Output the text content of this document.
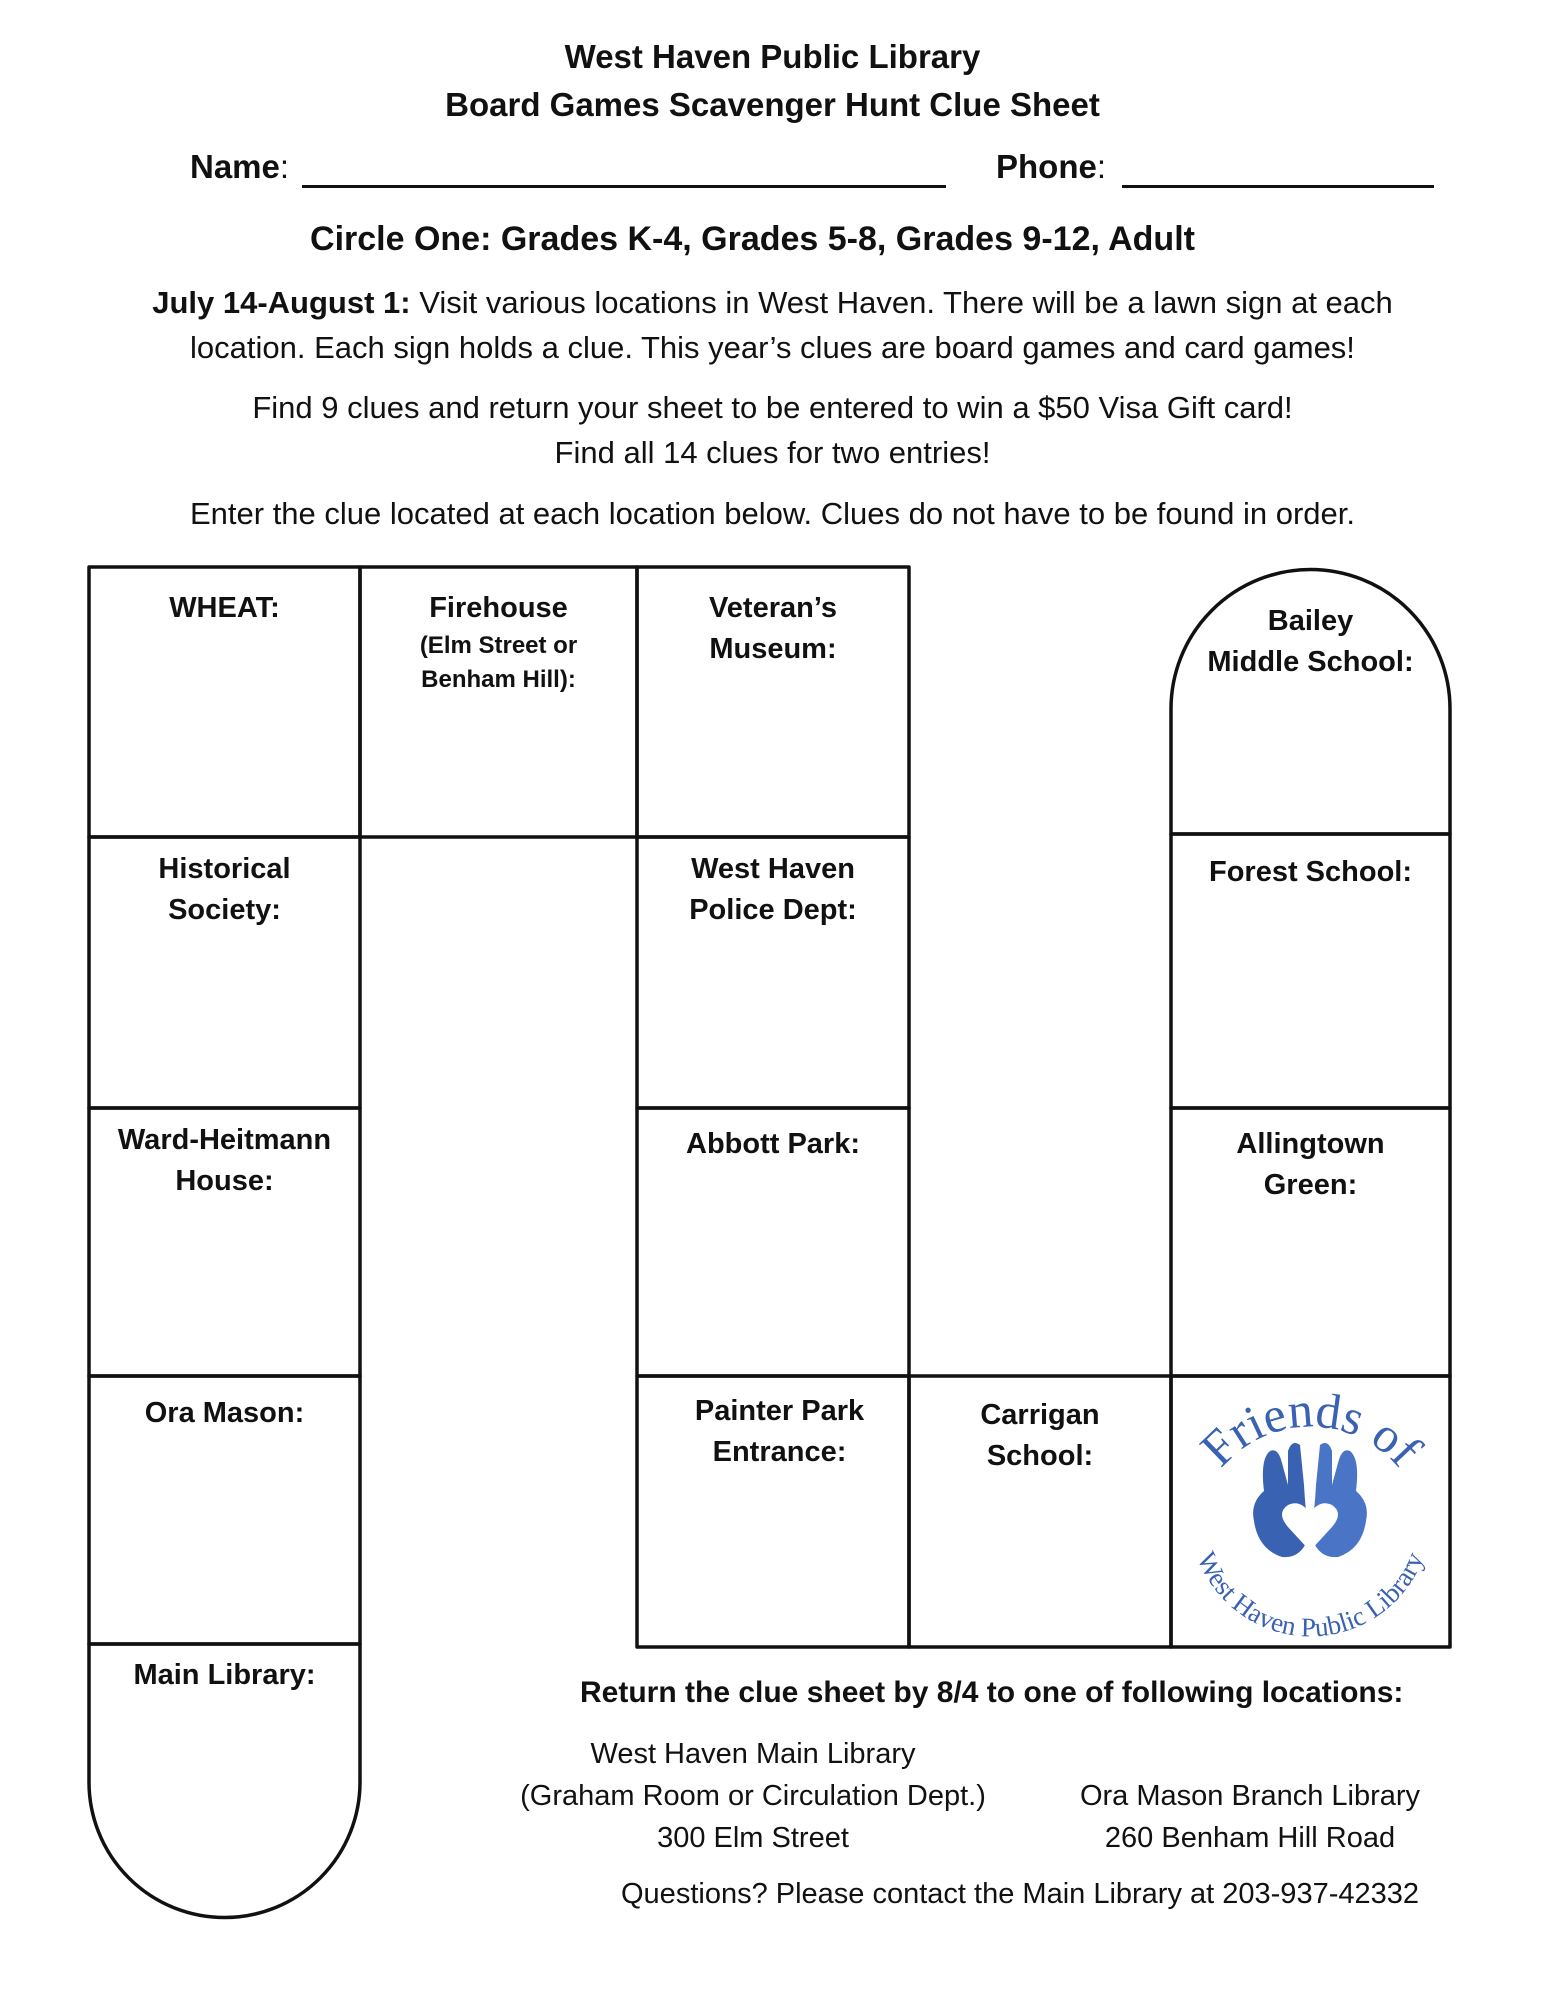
West Haven Public Library
Board Games Scavenger Hunt Clue Sheet
Name:	Phone:
Circle One: Grades K-4, Grades 5-8, Grades 9-12, Adult
July 14-August 1: Visit various locations in West Haven. There will be a lawn sign at each
location. Each sign holds a clue. This year’s clues are board games and card games!
Find 9 clues and return your sheet to be entered to win a $50 Visa Gift card!
Find all 14 clues for two entries!
Enter the clue located at each location below. Clues do not have to be found in order.
WHEAT:	Firehouse
(Elm Street or
Benham Hill):
Veteran’s
Museum:
Bailey
Middle School:
Historical
Society:
West Haven
Police Dept:
Forest School:
Ward-Heitmann
House:
Abbott Park:	Allingtown
Green:
Ora Mason:	Painter Park
Entrance:
Carrigan
School:
Main Library:
Friends of
West Haven Public Library
Return the clue sheet by 8/4 to one of following locations:
West Haven Main Library
(Graham Room or Circulation Dept.)
300 Elm Street
Ora Mason Branch Library
260 Benham Hill Road
Questions? Please contact the Main Library at 203-937-42332
